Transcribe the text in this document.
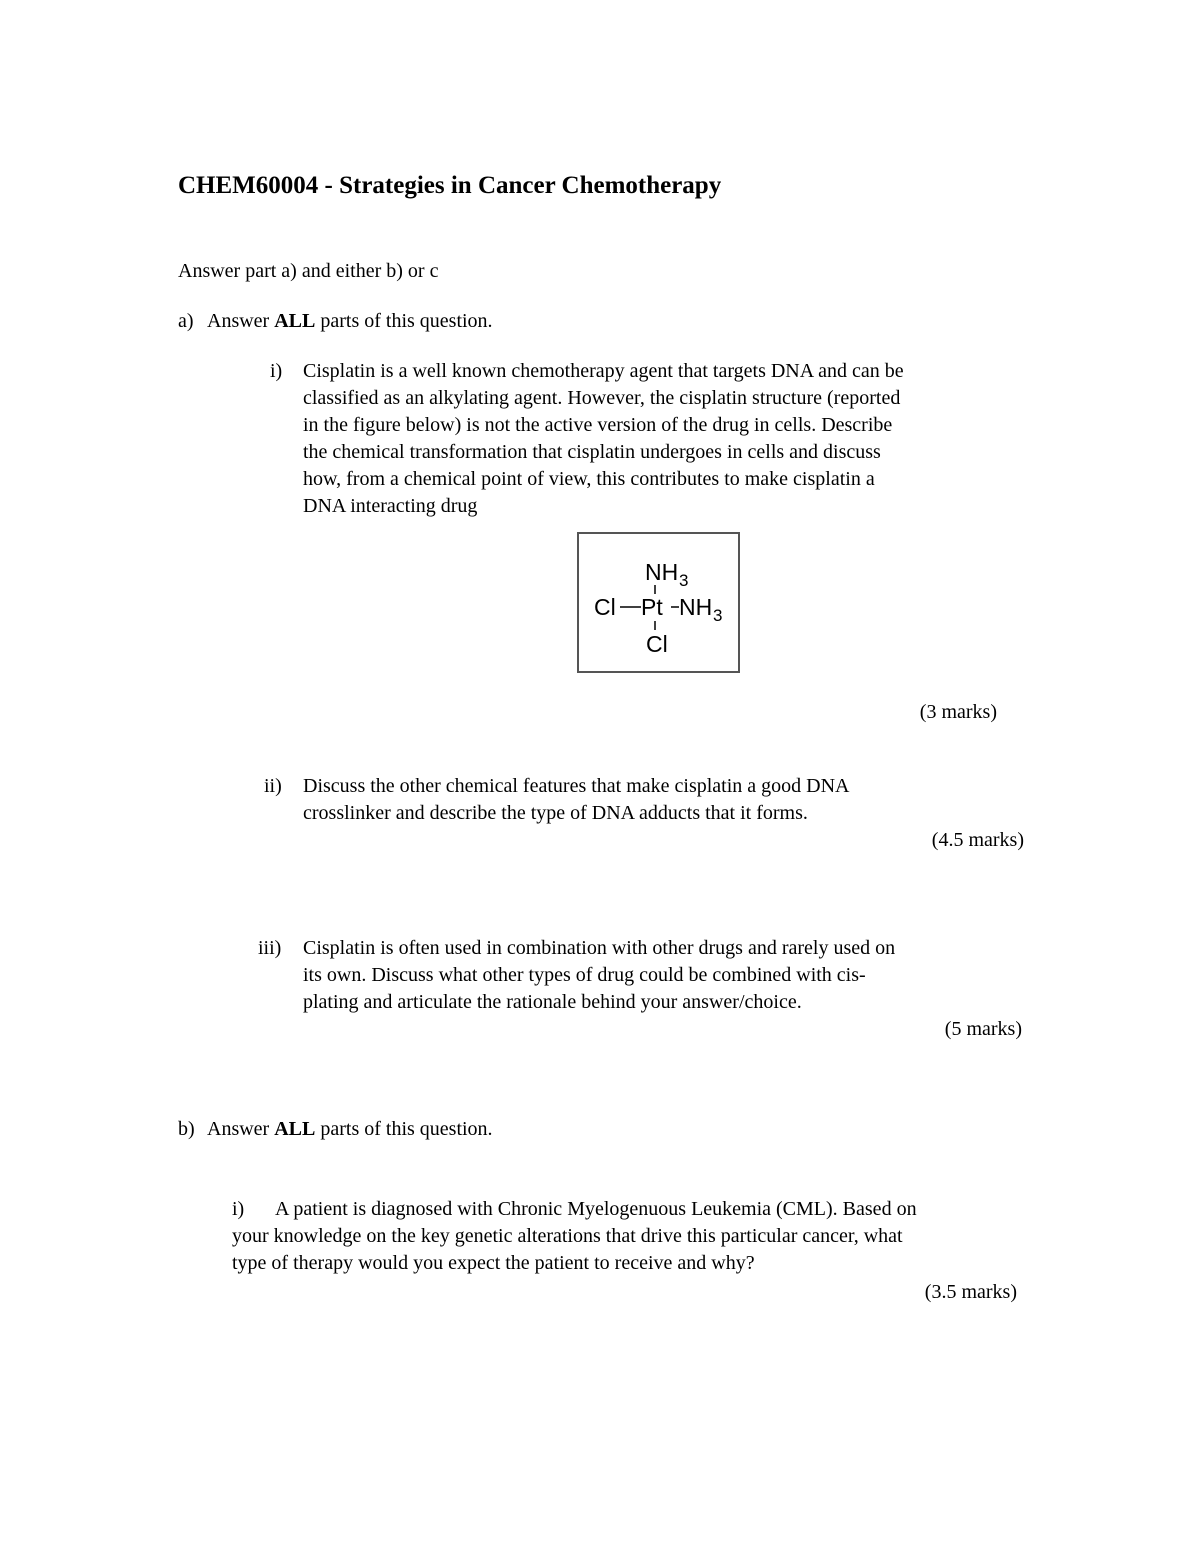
CHEM60004 - Strategies in Cancer Chemotherapy
Answer part a) and either b) or c
a) Answer ALL parts of this question.
i) Cisplatin is a well known chemotherapy agent that targets DNA and can be
classified as an alkylating agent. However, the cisplatin structure (reported
in the figure below) is not the active version of the drug in cells. Describe
the chemical transformation that cisplatin undergoes in cells and discuss
how, from a chemical point of view, this contributes to make cisplatin a
DNA interacting drug
NH 3
Cl Pt NH 3
Cl
(3 marks)
ii) Discuss the other chemical features that make cisplatin a good DNA
crosslinker and describe the type of DNA adducts that it forms.
(4.5 marks)
iii) Cisplatin is often used in combination with other drugs and rarely used on
its own. Discuss what other types of drug could be combined with cis-
plating and articulate the rationale behind your answer/choice.
(5 marks)
b) Answer ALL parts of this question.
i) A patient is diagnosed with Chronic Myelogenuous Leukemia (CML). Based on
your knowledge on the key genetic alterations that drive this particular cancer, what
type of therapy would you expect the patient to receive and why?
(3.5 marks)
